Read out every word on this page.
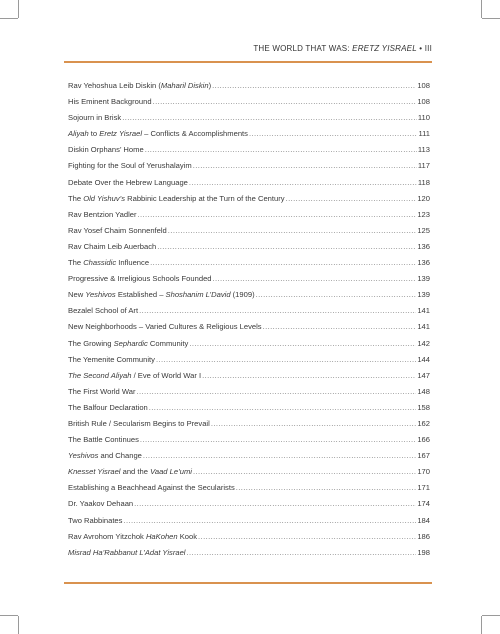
THE WORLD THAT WAS: ERETZ YISRAEL • III
Rav Yehoshua Leib Diskin (Maharil Diskin) .....	108
His Eminent Background .....	108
Sojourn in Brisk .....	110
Aliyah to Eretz Yisrael – Conflicts & Accomplishments .....	111
Diskin Orphans’ Home .....	113
Fighting for the Soul of Yerushalayim .....	117
Debate Over the Hebrew Language .....	118
The Old Yishuv’s Rabbinic Leadership at the Turn of the Century .....	120
Rav Bentzion Yadler .....	123
Rav Yosef Chaim Sonnenfeld .....	125
Rav Chaim Leib Auerbach .....	136
The Chassidic Influence .....	136
Progressive & Irreligious Schools Founded .....	139
New Yeshivos Established – Shoshanim L’David (1909) .....	139
Bezalel School of Art .....	141
New Neighborhoods – Varied Cultures & Religious Levels .....	141
The Growing Sephardic Community .....	142
The Yemenite Community .....	144
The Second Aliyah / Eve of World War I .....	147
The First World War .....	148
The Balfour Declaration .....	158
British Rule / Secularism Begins to Prevail .....	162
The Battle Continues .....	166
Yeshivos and Change .....	167
Knesset Yisrael and the Vaad Le’umi .....	170
Establishing a Beachhead Against the Secularists .....	171
Dr. Yaakov Dehaan .....	174
Two Rabbinates .....	184
Rav Avrohom Yitzchok HaKohen Kook .....	186
Misrad Ha’Rabbanut L’Adat Yisrael .....	198
